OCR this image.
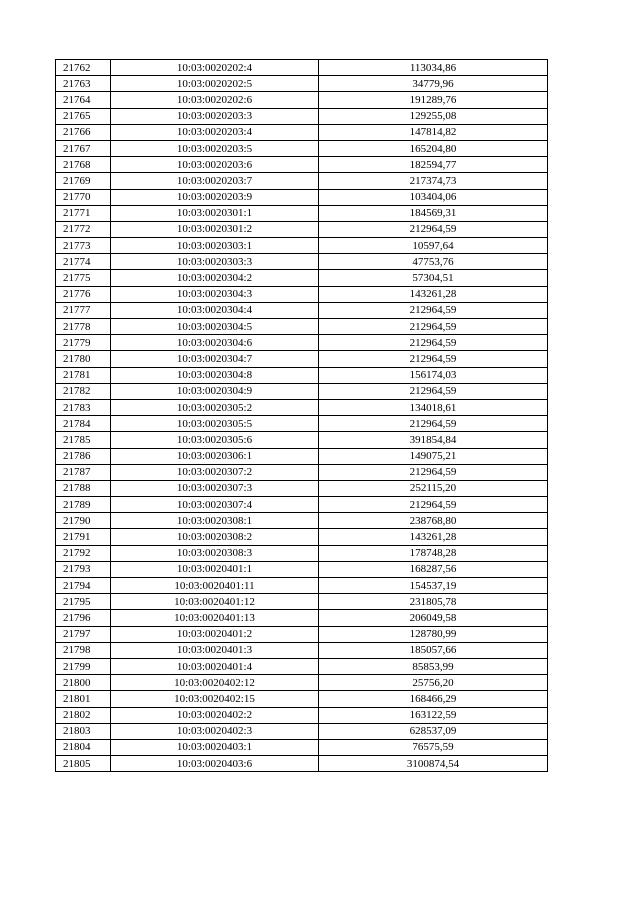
21762	10:03:0020202:4	113034,86
21763	10:03:0020202:5	34779,96
21764	10:03:0020202:6	191289,76
21765	10:03:0020203:3	129255,08
21766	10:03:0020203:4	147814,82
21767	10:03:0020203:5	165204,80
21768	10:03:0020203:6	182594,77
21769	10:03:0020203:7	217374,73
21770	10:03:0020203:9	103404,06
21771	10:03:0020301:1	184569,31
21772	10:03:0020301:2	212964,59
21773	10:03:0020303:1	10597,64
21774	10:03:0020303:3	47753,76
21775	10:03:0020304:2	57304,51
21776	10:03:0020304:3	143261,28
21777	10:03:0020304:4	212964,59
21778	10:03:0020304:5	212964,59
21779	10:03:0020304:6	212964,59
21780	10:03:0020304:7	212964,59
21781	10:03:0020304:8	156174,03
21782	10:03:0020304:9	212964,59
21783	10:03:0020305:2	134018,61
21784	10:03:0020305:5	212964,59
21785	10:03:0020305:6	391854,84
21786	10:03:0020306:1	149075,21
21787	10:03:0020307:2	212964,59
21788	10:03:0020307:3	252115,20
21789	10:03:0020307:4	212964,59
21790	10:03:0020308:1	238768,80
21791	10:03:0020308:2	143261,28
21792	10:03:0020308:3	178748,28
21793	10:03:0020401:1	168287,56
21794	10:03:0020401:11	154537,19
21795	10:03:0020401:12	231805,78
21796	10:03:0020401:13	206049,58
21797	10:03:0020401:2	128780,99
21798	10:03:0020401:3	185057,66
21799	10:03:0020401:4	85853,99
21800	10:03:0020402:12	25756,20
21801	10:03:0020402:15	168466,29
21802	10:03:0020402:2	163122,59
21803	10:03:0020402:3	628537,09
21804	10:03:0020403:1	76575,59
21805	10:03:0020403:6	3100874,54
